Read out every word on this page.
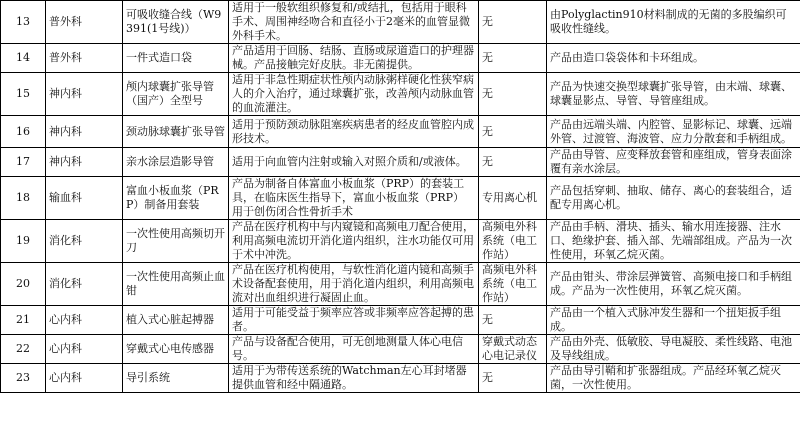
13	普外科	可吸收缝合线（W9391(1号线)）	适用于一般软组织修复和/或结扎，包括用于眼科手术、周围神经吻合和直径小于2毫米的血管显微外科手术。	无	由Polyglactin910材料制成的无菌的多股编织可吸收性缝线。
14	普外科	一件式造口袋	产品适用于回肠、结肠、直肠或尿道造口的护理器械。产品接触完好皮肤。非无菌提供。	无	产品由造口袋袋体和卡环组成。
15	神内科	颅内球囊扩张导管（国产）全型号	适用于非急性期症状性颅内动脉粥样硬化性狭窄病人的介入治疗，通过球囊扩张，改善颅内动脉血管的血流灌注。	无	产品为快速交换型球囊扩张导管，由末端、球囊、球囊显影点、导管、导管座组成。
16	神内科	颈动脉球囊扩张导管	适用于预防颈动脉阻塞疾病患者的经皮血管腔内成形技术。	无	产品由远端头端、内腔管、显影标记、球囊、远端外管、过渡管、海波管、应力分散套和手柄组成。
17	神内科	亲水涂层造影导管	适用于向血管内注射或输入对照介质和/或液体。	无	产品由导管、应变释放套管和座组成，管身表面涂覆有亲水涂层。
18	输血科	富血小板血浆（PRP）制备用套装	产品为制备自体富血小板血浆（PRP）的套装工具，在临床医生指导下，富血小板血浆（PRP）用于创伤闭合性骨折手术	专用离心机	产品包括穿刺、抽取、储存、离心的套装组合，适配专用离心机。
19	消化科	一次性使用高频切开刀	产品在医疗机构中与内窥镜和高频电刀配合使用，利用高频电流切开消化道内组织，注水功能仅可用于术中冲洗。	高频电外科系统（电工作站）	产品由手柄、滑块、插头、输水用连接器、注水口、绝缘护套、插入部、先端部组成。产品为一次性使用，环氧乙烷灭菌。
20	消化科	一次性使用高频止血钳	产品在医疗机构使用，与软性消化道内镜和高频手术设备配套使用，用于消化道内组织，利用高频电流对出血组织进行凝固止血。	高频电外科系统（电工作站）	产品由钳头、带涂层弹簧管、高频电接口和手柄组成。产品为一次性使用，环氧乙烷灭菌。
21	心内科	植入式心脏起搏器	适用于可能受益于频率应答或非频率应答起搏的患者。	无	产品由一个植入式脉冲发生器和一个扭矩扳手组成。
22	心内科	穿戴式心电传感器	产品与设备配合使用，可无创地测量人体心电信号。	穿戴式动态心电记录仪	产品由外壳、低敏胶、导电凝胶、柔性线路、电池及导线组成。
23	心内科	导引系统	适用于为带传送系统的Watchman左心耳封堵器提供血管和经中隔通路。	无	产品由导引鞘和扩张器组成。产品经环氧乙烷灭菌，一次性使用。
